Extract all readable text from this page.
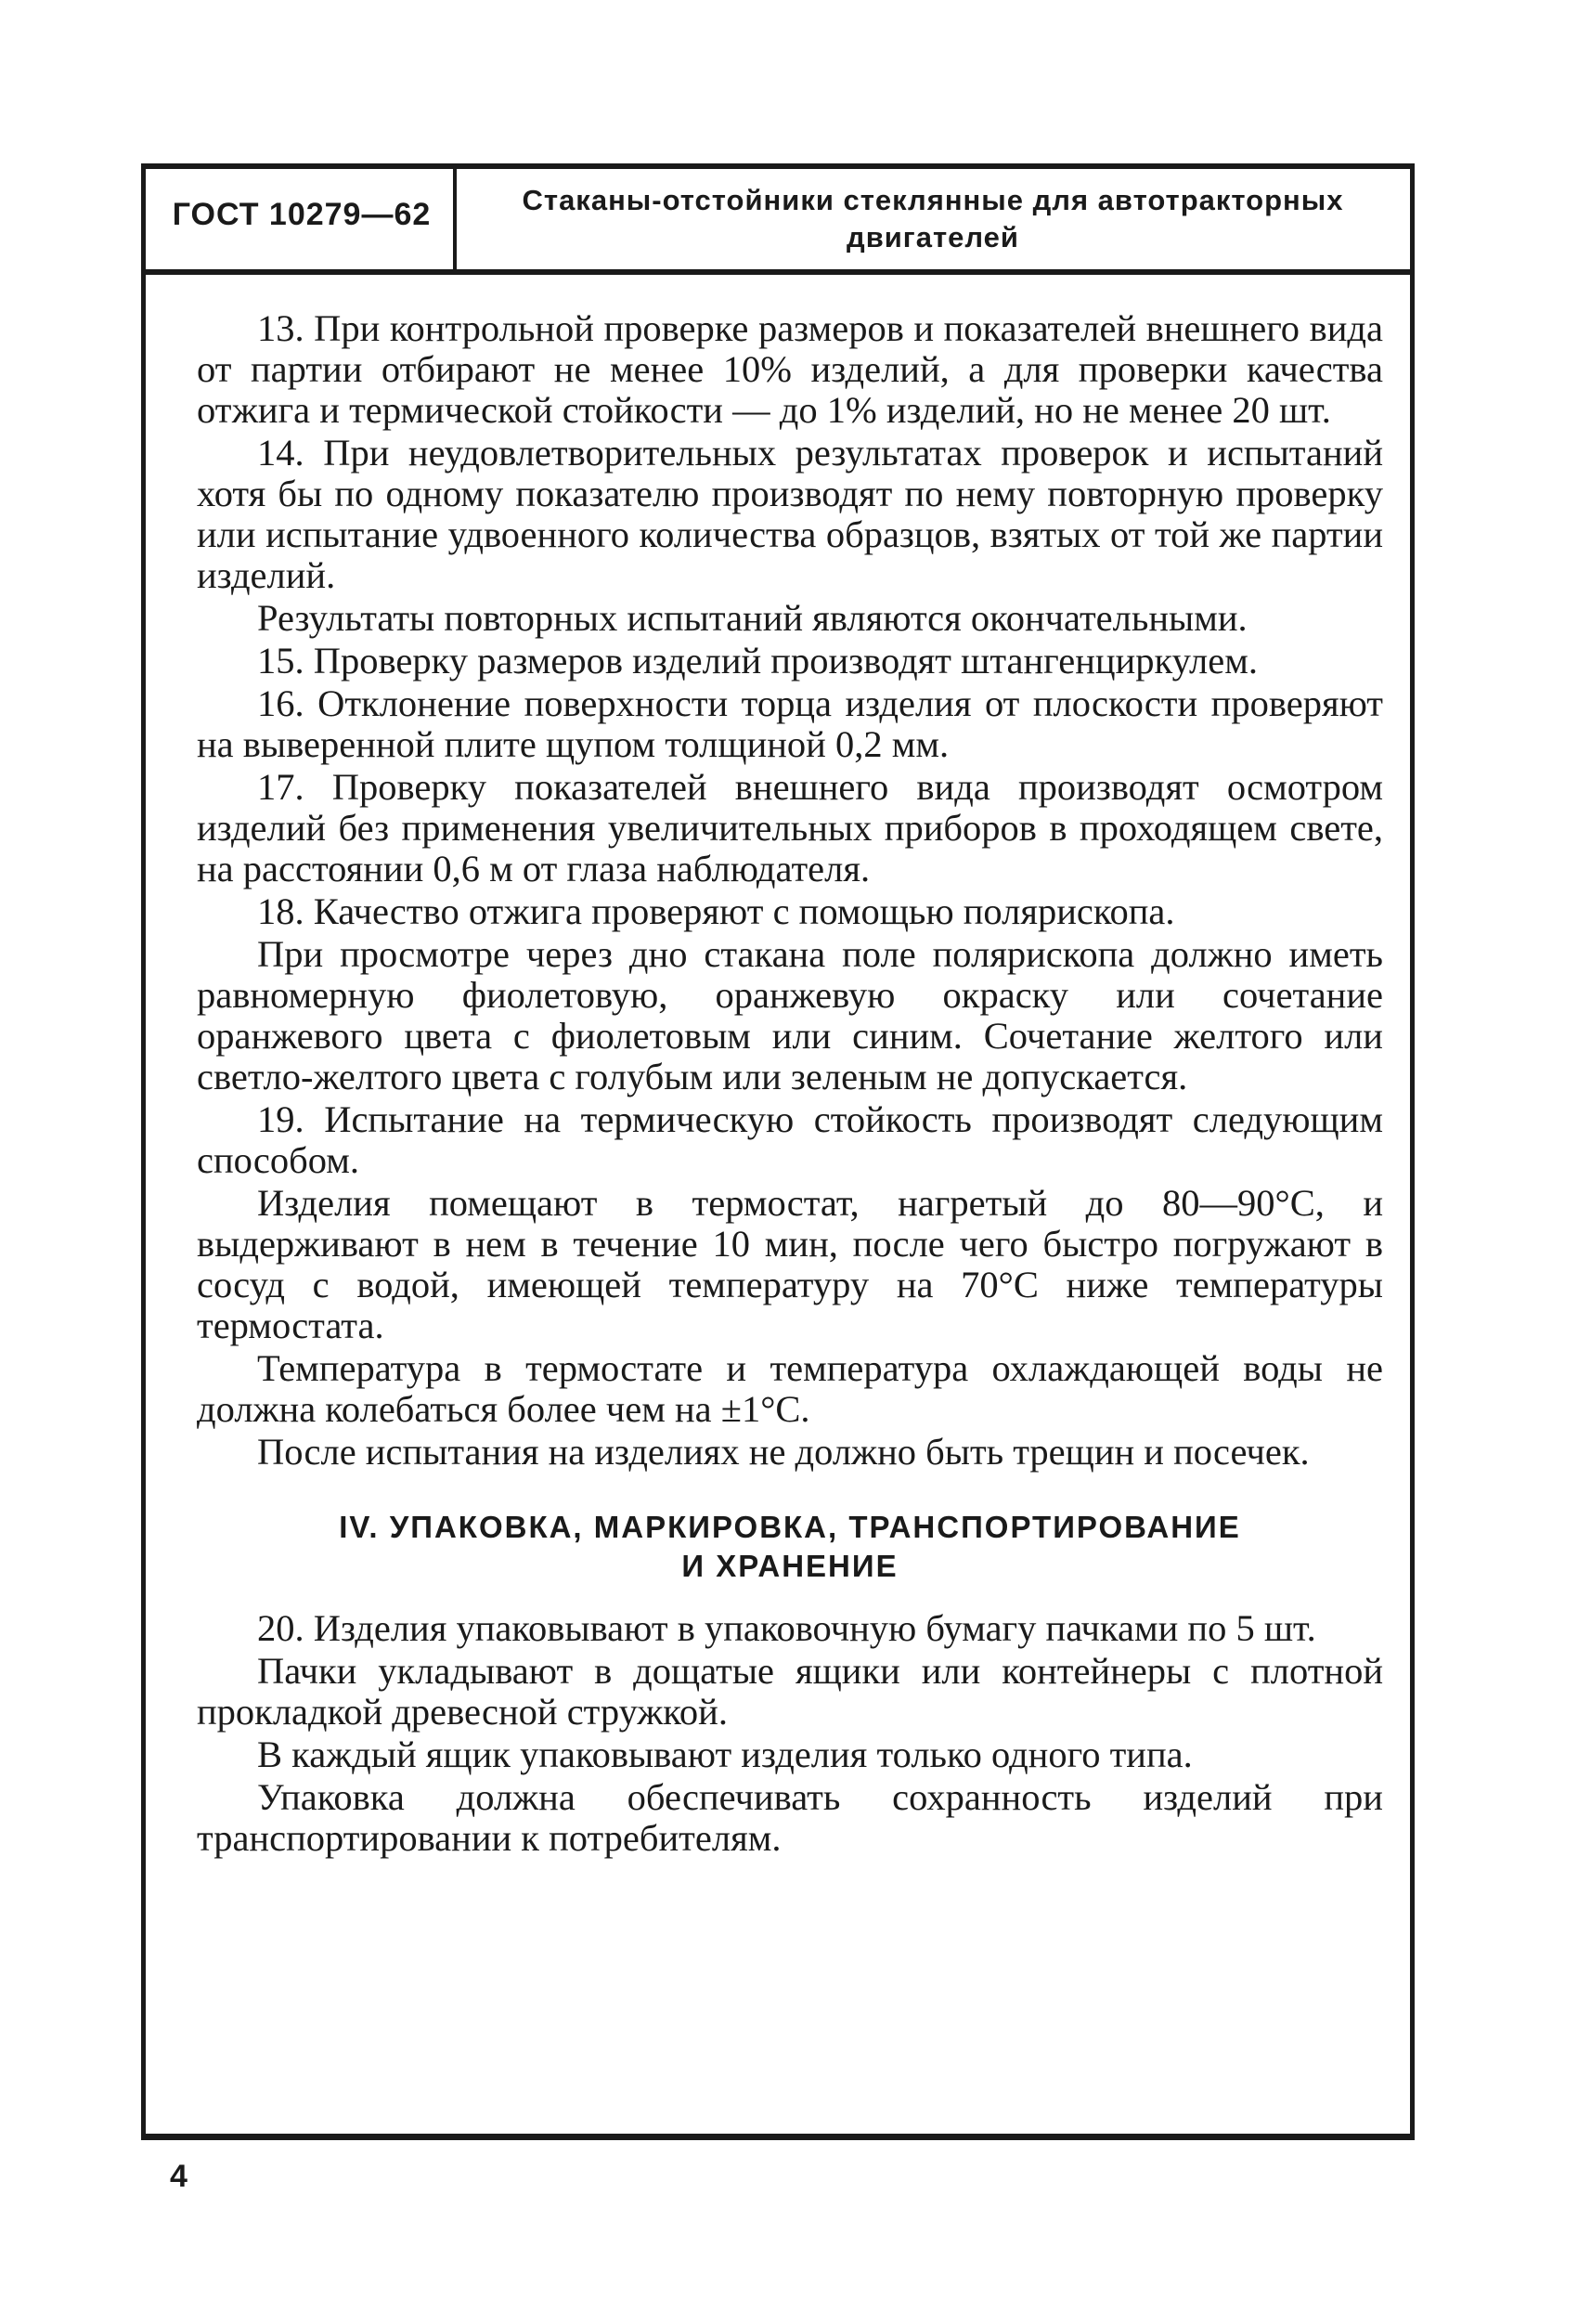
ГОСТ 10279—62	Стаканы-отстойники стеклянные для автотракторных двигателей

13. При контрольной проверке размеров и показателей внешнего вида от партии отбирают не менее 10% изделий, а для проверки качества отжига и термической стойкости — до 1% изделий, но не менее 20 шт.

14. При неудовлетворительных результатах проверок и испытаний хотя бы по одному показателю производят по нему повторную проверку или испытание удвоенного количества образцов, взятых от той же партии изделий.

Результаты повторных испытаний являются окончательными.

15. Проверку размеров изделий производят штангенциркулем.

16. Отклонение поверхности торца изделия от плоскости проверяют на выверенной плите щупом толщиной 0,2 мм.

17. Проверку показателей внешнего вида производят осмотром изделий без применения увеличительных приборов в проходящем свете, на расстоянии 0,6 м от глаза наблюдателя.

18. Качество отжига проверяют с помощью полярископа.

При просмотре через дно стакана поле полярископа должно иметь равномерную фиолетовую, оранжевую окраску или сочетание оранжевого цвета с фиолетовым или синим. Сочетание желтого или светло-желтого цвета с голубым или зеленым не допускается.

19. Испытание на термическую стойкость производят следующим способом.

Изделия помещают в термостат, нагретый до 80—90°С, и выдерживают в нем в течение 10 мин, после чего быстро погружают в сосуд с водой, имеющей температуру на 70°С ниже температуры термостата.

Температура в термостате и температура охлаждающей воды не должна колебаться более чем на ±1°С.

После испытания на изделиях не должно быть трещин и посечек.

IV. УПАКОВКА, МАРКИРОВКА, ТРАНСПОРТИРОВАНИЕ
И ХРАНЕНИЕ

20. Изделия упаковывают в упаковочную бумагу пачками по 5 шт.

Пачки укладывают в дощатые ящики или контейнеры с плотной прокладкой древесной стружкой.

В каждый ящик упаковывают изделия только одного типа.

Упаковка должна обеспечивать сохранность изделий при транспортировании к потребителям.

4
